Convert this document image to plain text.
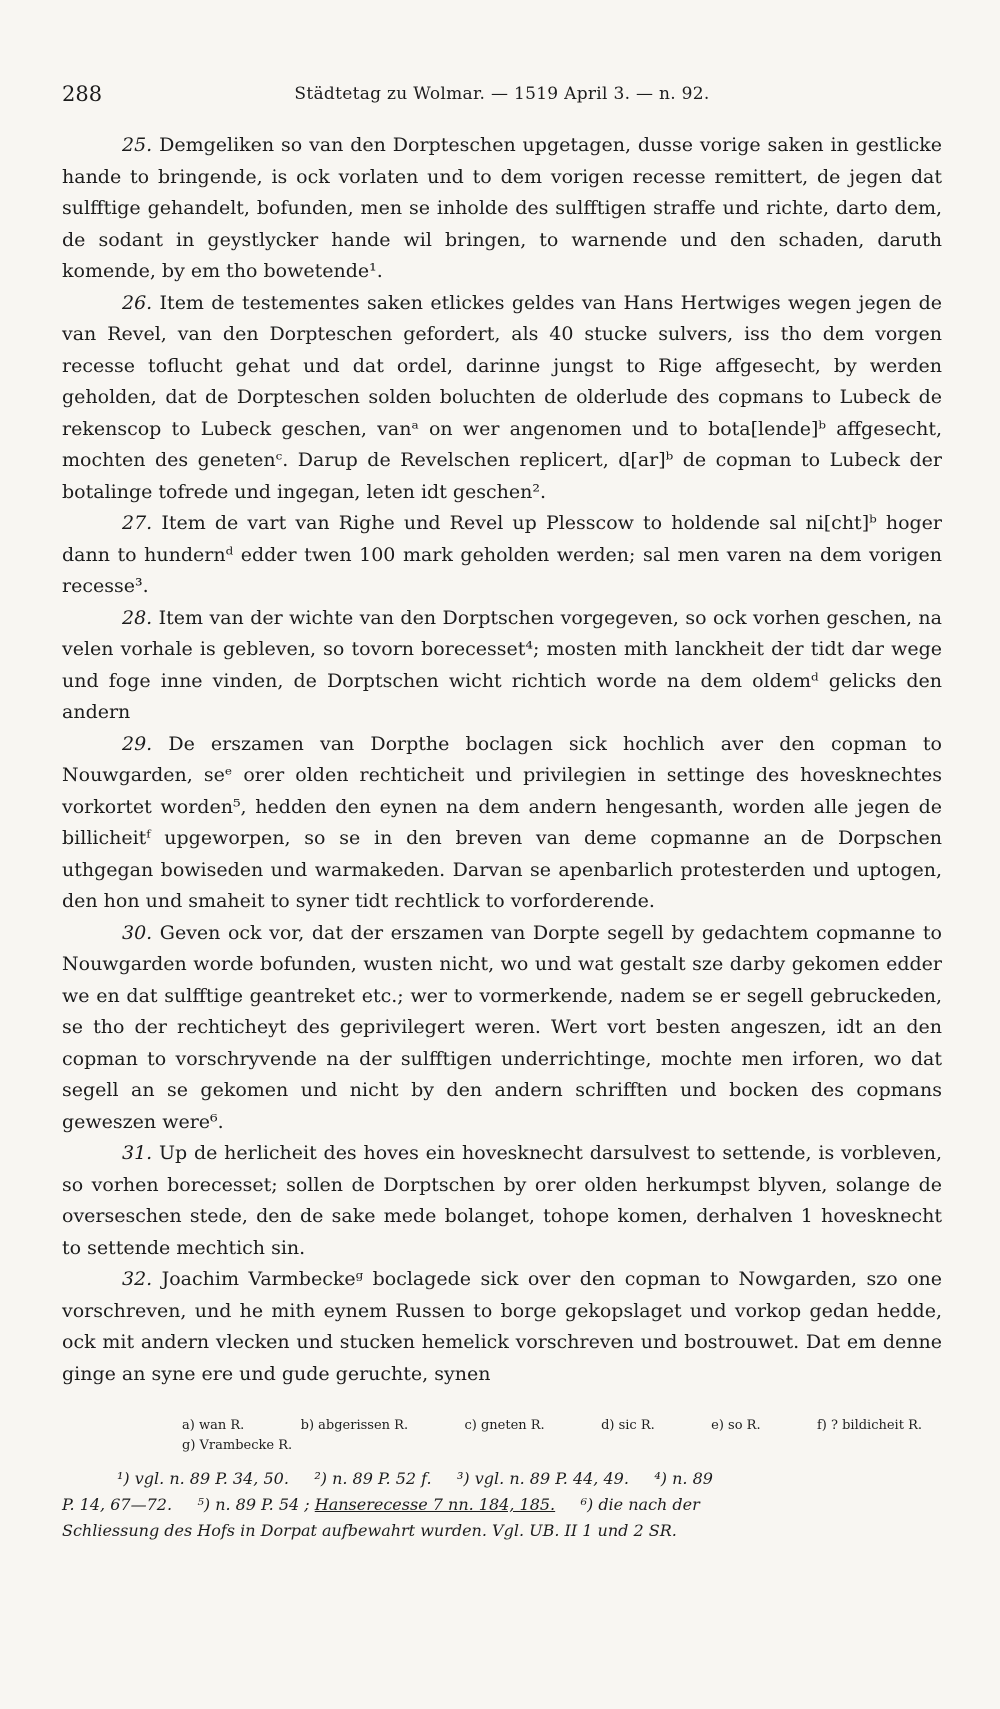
288	Städtetag zu Wolmar. — 1519 April 3. — n. 92.

25. Demgeliken so van den Dorpteschen upgetagen, dusse vorige saken in gestlicke hande to bringende, is ock vorlaten und to dem vorigen recesse remittert, de jegen dat sulfftige gehandelt, bofunden, men se inholde des sulfftigen straffe und richte, darto dem, de sodant in geystlycker hande wil bringen, to warnende und den schaden, daruth komende, by em tho bowetende¹.

26. Item de testementes saken etlickes geldes van Hans Hertwiges wegen jegen de van Revel, van den Dorpteschen gefordert, als 40 stucke sulvers, iss tho dem vorgen recesse toflucht gehat und dat ordel, darinne jungst to Rige affgesecht, by werden geholden, dat de Dorpteschen solden boluchten de olderlude des copmans to Lubeck de rekenscop to Lubeck geschen, vanᵃ on wer angenomen und to bota[lende]ᵇ affgesecht, mochten des genetenᶜ. Darup de Revelschen replicert, d[ar]ᵇ de copman to Lubeck der botalinge tofrede und ingegan, leten idt geschen².

27. Item de vart van Righe und Revel up Plesscow to holdende sal ni[cht]ᵇ hoger dann to hundernᵈ edder twen 100 mark geholden werden; sal men varen na dem vorigen recesse³.

28. Item van der wichte van den Dorptschen vorgegeven, so ock vorhen geschen, na velen vorhale is gebleven, so tovorn borecesset⁴; mosten mith lanckheit der tidt dar wege und foge inne vinden, de Dorptschen wicht richtich worde na dem oldemᵈ gelicks den andern

29. De erszamen van Dorpthe boclagen sick hochlich aver den copman to Nouwgarden, seᵉ orer olden rechticheit und privilegien in settinge des hovesknechtes vorkortet worden⁵, hedden den eynen na dem andern hengesanth, worden alle jegen de billicheitᶠ upgeworpen, so se in den breven van deme copmanne an de Dorpschen uthgegan bowiseden und warmakeden. Darvan se apenbarlich protesterden und uptogen, den hon und smaheit to syner tidt rechtlick to vorforderende.

30. Geven ock vor, dat der erszamen van Dorpte segell by gedachtem copmanne to Nouwgarden worde bofunden, wusten nicht, wo und wat gestalt sze darby gekomen edder we en dat sulfftige geantreket etc.; wer to vormerkende, nadem se er segell gebruckeden, se tho der rechticheyt des geprivilegert weren. Wert vort besten angeszen, idt an den copman to vorschryvende na der sulfftigen underrichtinge, mochte men irforen, wo dat segell an se gekomen und nicht by den andern schrifften und bocken des copmans geweszen were⁶.

31. Up de herlicheit des hoves ein hovesknecht darsulvest to settende, is vorbleven, so vorhen borecesset; sollen de Dorptschen by orer olden herkumpst blyven, solange de overseschen stede, den de sake mede bolanget, tohope komen, derhalven 1 hovesknecht to settende mechtich sin.

32. Joachim Varmbeckeᵍ boclagede sick over den copman to Nowgarden, szo one vorschreven, und he mith eynem Russen to borge gekopslaget und vorkop gedan hedde, ock mit andern vlecken und stucken hemelick vorschreven und bostrouwet. Dat em denne ginge an syne ere und gude geruchte, synen

a) wan R.	b) abgerissen R.	c) gneten R.	d) sic R.	e) so R.	f) ? bildicheit R.
g) Vrambecke R.
¹) vgl. n. 89 P. 34, 50.     ²) n. 89 P. 52 f.     ³) vgl. n. 89 P. 44, 49.     ⁴) n. 89
P. 14, 67—72.     ⁵) n. 89 P. 54 ; Hanserecesse 7 nn. 184, 185.     ⁶) die nach der
Schliessung des Hofs in Dorpat aufbewahrt wurden. Vgl. UB. II 1 und 2 SR.
